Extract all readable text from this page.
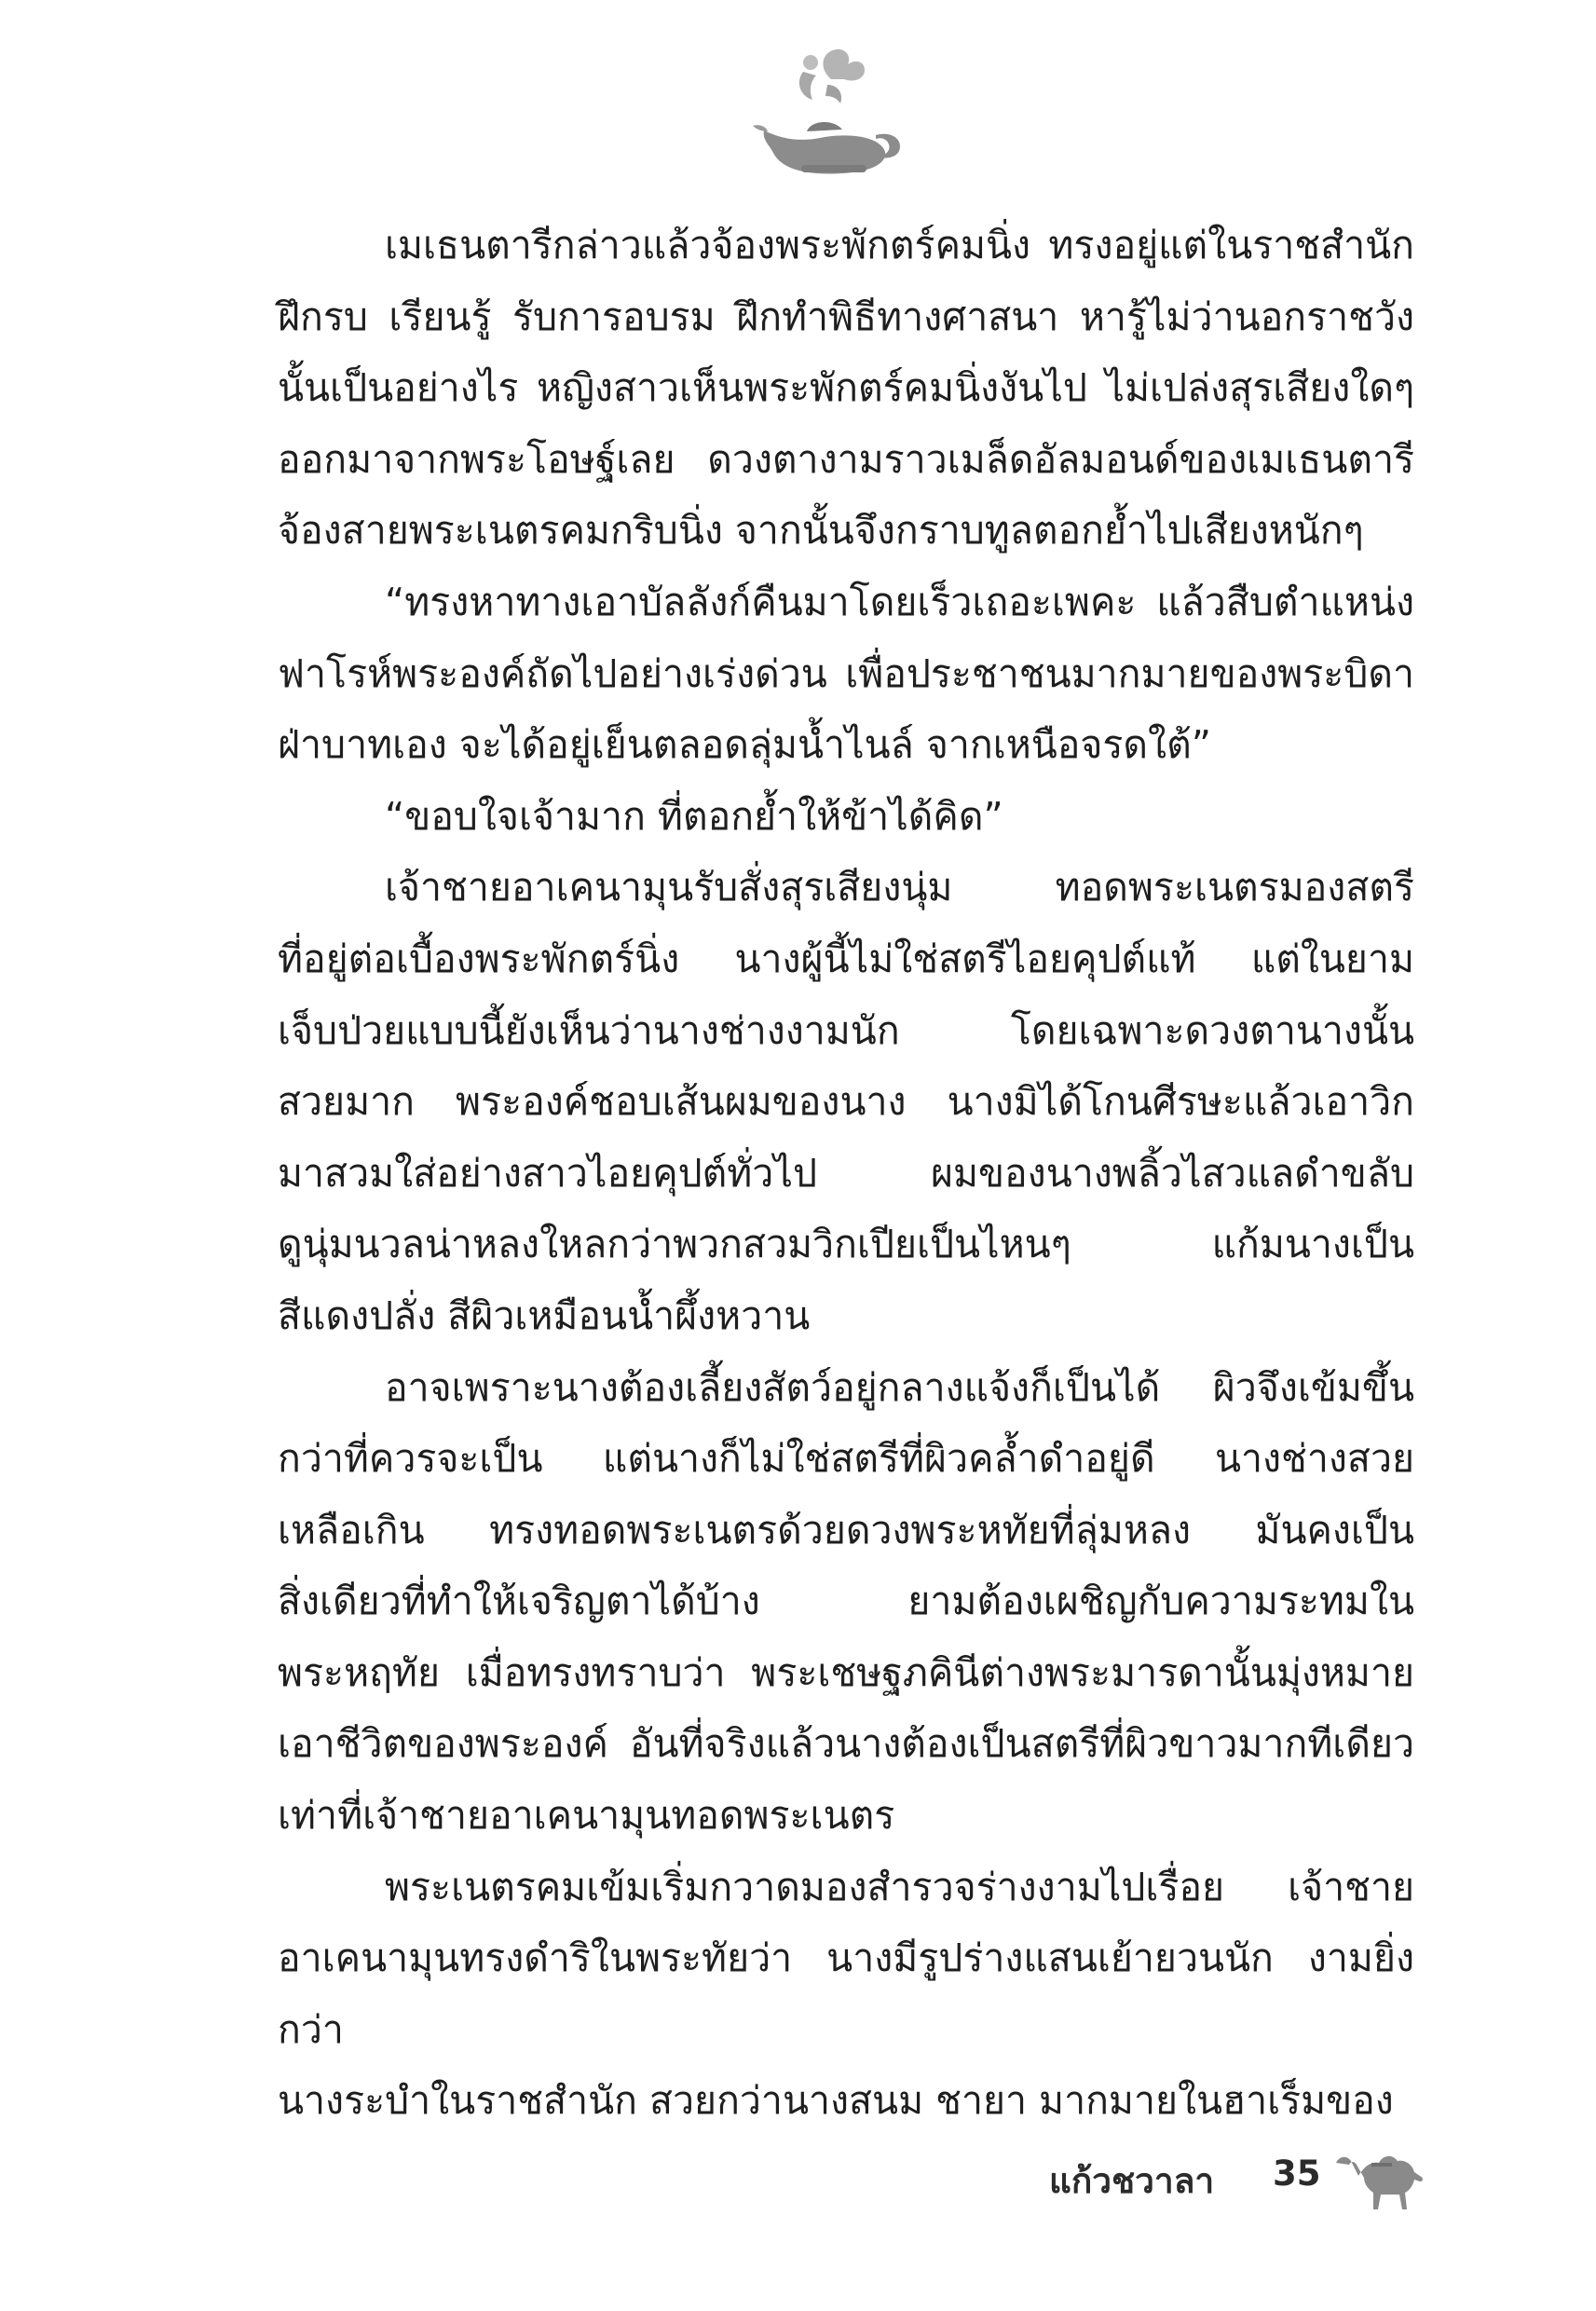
เมเธนตารีกล่าวแล้วจ้องพระพักตร์คมนิ่ง ทรงอยู่แต่ในราชสำนัก

ฝึกรบ เรียนรู้ รับการอบรม ฝึกทำพิธีทางศาสนา หารู้ไม่ว่านอกราชวัง

นั้นเป็นอย่างไร หญิงสาวเห็นพระพักตร์คมนิ่งงันไป ไม่เปล่งสุรเสียงใดๆ

ออกมาจากพระโอษฐ์เลย ดวงตางามราวเมล็ดอัลมอนด์ของเมเธนตารี

จ้องสายพระเนตรคมกริบนิ่ง จากนั้นจึงกราบทูลตอกย้ำไปเสียงหนักๆ

“ทรงหาทางเอาบัลลังก์คืนมาโดยเร็วเถอะเพคะ แล้วสืบตำแหน่ง

ฟาโรห์พระองค์ถัดไปอย่างเร่งด่วน เพื่อประชาชนมากมายของพระบิดา

ฝ่าบาทเอง จะได้อยู่เย็นตลอดลุ่มน้ำไนล์ จากเหนือจรดใต้”

“ขอบใจเจ้ามาก ที่ตอกย้ำให้ข้าได้คิด”

เจ้าชายอาเคนามุนรับสั่งสุรเสียงนุ่ม ทอดพระเนตรมองสตรี

ที่อยู่ต่อเบื้องพระพักตร์นิ่ง นางผู้นี้ไม่ใช่สตรีไอยคุปต์แท้ แต่ในยาม

เจ็บป่วยแบบนี้ยังเห็นว่านางช่างงามนัก โดยเฉพาะดวงตานางนั้น

สวยมาก พระองค์ชอบเส้นผมของนาง นางมิได้โกนศีรษะแล้วเอาวิก

มาสวมใส่อย่างสาวไอยคุปต์ทั่วไป ผมของนางพลิ้วไสวแลดำขลับ

ดูนุ่มนวลน่าหลงใหลกว่าพวกสวมวิกเปียเป็นไหนๆ แก้มนางเป็น

สีแดงปลั่ง สีผิวเหมือนน้ำผึ้งหวาน

อาจเพราะนางต้องเลี้ยงสัตว์อยู่กลางแจ้งก็เป็นได้ ผิวจึงเข้มขึ้น

กว่าที่ควรจะเป็น แต่นางก็ไม่ใช่สตรีที่ผิวคล้ำดำอยู่ดี นางช่างสวย

เหลือเกิน ทรงทอดพระเนตรด้วยดวงพระหทัยที่ลุ่มหลง มันคงเป็น

สิ่งเดียวที่ทำให้เจริญตาได้บ้าง ยามต้องเผชิญกับความระทมใน

พระหฤทัย เมื่อทรงทราบว่า พระเชษฐภคินีต่างพระมารดานั้นมุ่งหมาย

เอาชีวิตของพระองค์ อันที่จริงแล้วนางต้องเป็นสตรีที่ผิวขาวมากทีเดียว

เท่าที่เจ้าชายอาเคนามุนทอดพระเนตร

พระเนตรคมเข้มเริ่มกวาดมองสำรวจร่างงามไปเรื่อย เจ้าชาย

อาเคนามุนทรงดำริในพระทัยว่า นางมีรูปร่างแสนเย้ายวนนัก งามยิ่งกว่า

นางระบำในราชสำนัก สวยกว่านางสนม ชายา มากมายในฮาเร็มของ

แก้วชวาลา 35
